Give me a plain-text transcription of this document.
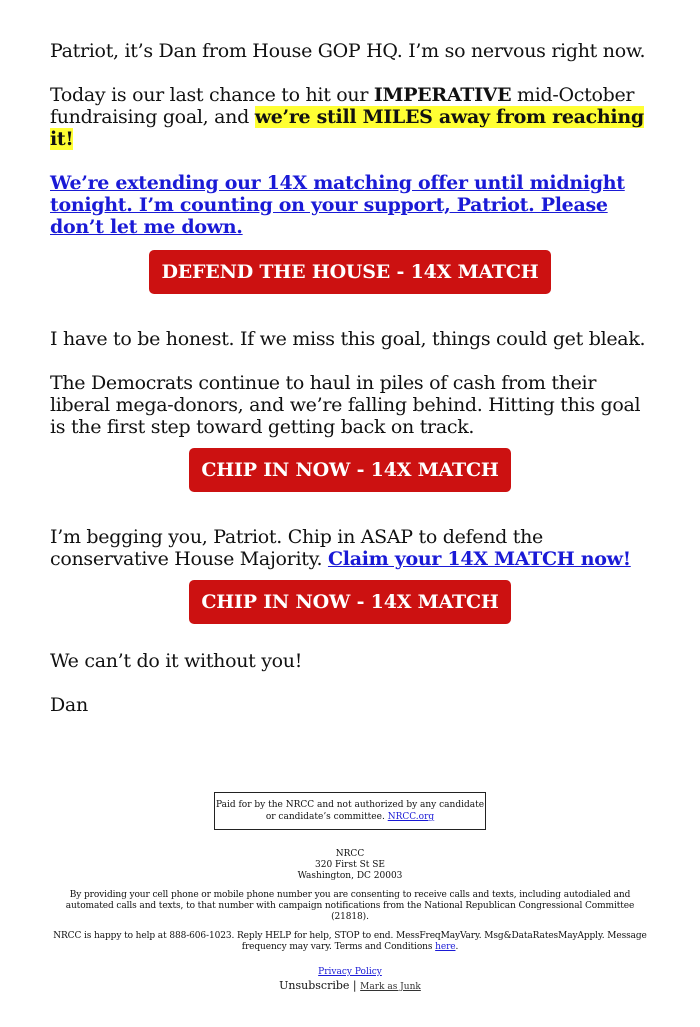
Patriot, it’s Dan from House GOP HQ. I’m so nervous right now.

Today is our last chance to hit our IMPERATIVE mid-October fundraising goal, and we’re still MILES away from reaching it!

We’re extending our 14X matching offer until midnight tonight. I’m counting on your support, Patriot. Please don’t let me down.

DEFEND THE HOUSE - 14X MATCH

I have to be honest. If we miss this goal, things could get bleak.

The Democrats continue to haul in piles of cash from their liberal mega-donors, and we’re falling behind. Hitting this goal is the first step toward getting back on track.

CHIP IN NOW - 14X MATCH

I’m begging you, Patriot. Chip in ASAP to defend the conservative House Majority. Claim your 14X MATCH now!

CHIP IN NOW - 14X MATCH

We can’t do it without you!

Dan

Paid for by the NRCC and not authorized by any candidate or candidate’s committee. NRCC.org
NRCC
320 First St SE
Washington, DC 20003
By providing your cell phone or mobile phone number you are consenting to receive calls and texts, including autodialed and automated calls and texts, to that number with campaign notifications from the National Republican Congressional Committee (21818).
NRCC is happy to help at 888-606-1023. Reply HELP for help, STOP to end. MessFreqMayVary. Msg&DataRatesMayApply. Message frequency may vary. Terms and Conditions here.
Privacy Policy
Unsubscribe | Mark as Junk
